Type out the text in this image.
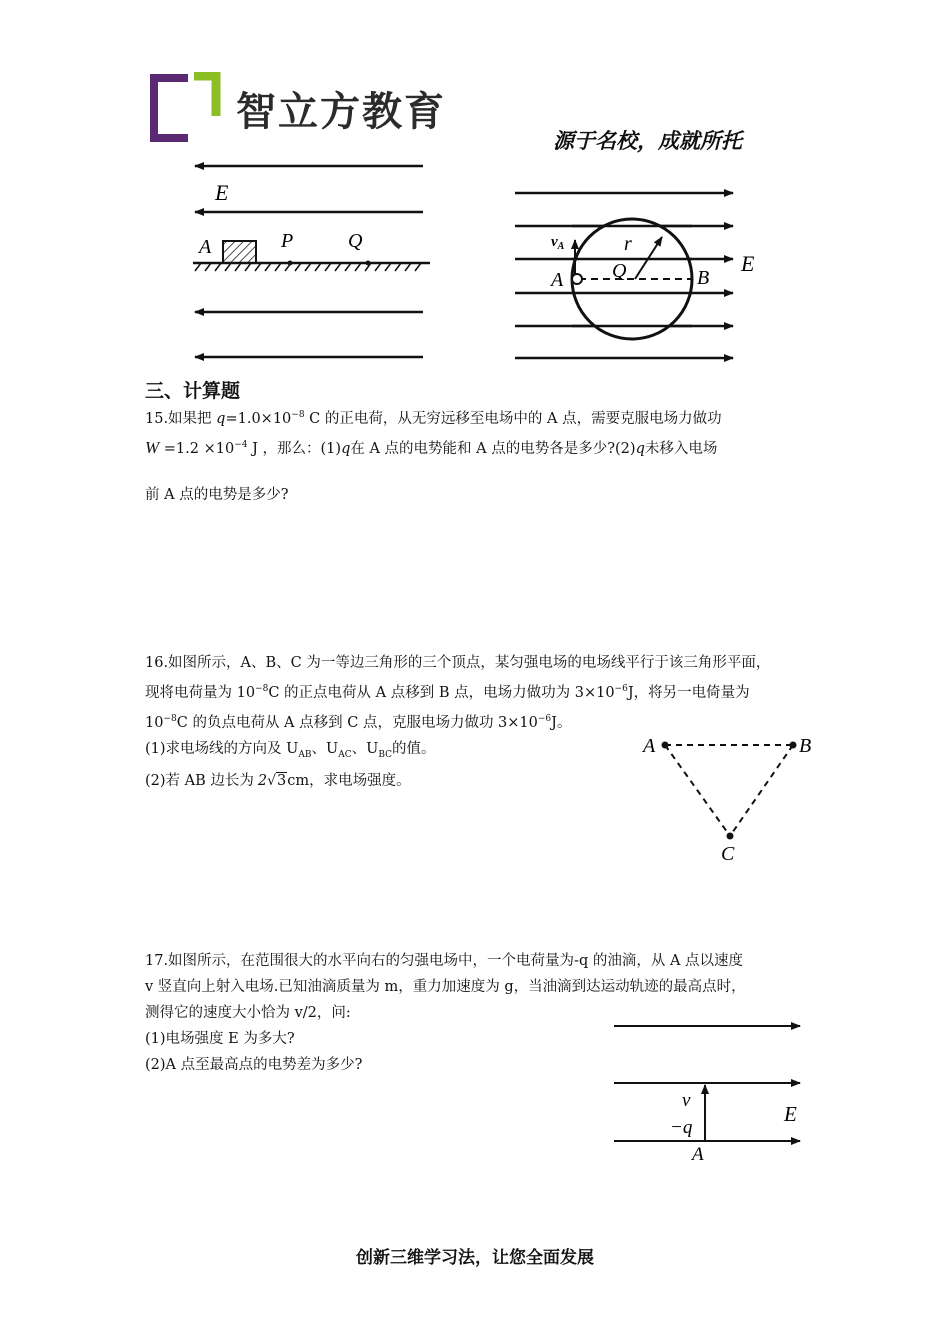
智立方教育
源于名校，成就所托
E
A	P	Q	$v_A$
A Q
r
B
E
三、计算题
15.如果把 $q=1.0\times 10^{-8}$ C 的正电荷，从无穷远移至电场中的 A 点，需要克服电场力做功
$W =1.2 \times 10^{-4}$ J ，那么：(1)q在 A 点的电势能和 A 点的电势各是多少?(2)q未移入电场
前 A 点的电势是多少?
16.如图所示，A、B、C 为一等边三角形的三个顶点，某匀强电场的电场线平行于该三角形平面，
现将电荷量为 $10^{-8}C$ 的正点电荷从 A 点移到 B 点，电场力做功为 $3\times 10^{-6}J$，将另一电倚量为
$10^{-8}C$ 的负点电荷从 A 点移到 C 点，克服电场力做功 $3\times 10^{-6}J$。
(1)求电场线的方向及 $U_{AB}$、$U_{AC}$、$U_{BC}$的值。
(2)若 AB 边长为 2√3cm，求电场强度。
A	B
C
17.如图所示，在范围很大的水平向右的匀强电场中，一个电荷量为-q 的油滴，从 A 点以速度
v 竖直向上射入电场.已知油滴质量为 m，重力加速度为 g，当油滴到达运动轨迹的最高点时，
测得它的速度大小恰为 v/2，问:
(1)电场强度 E 为多大?
(2)A 点至最高点的电势差为多少?
v
−q
A
E
创新三维学习法，让您全面发展
